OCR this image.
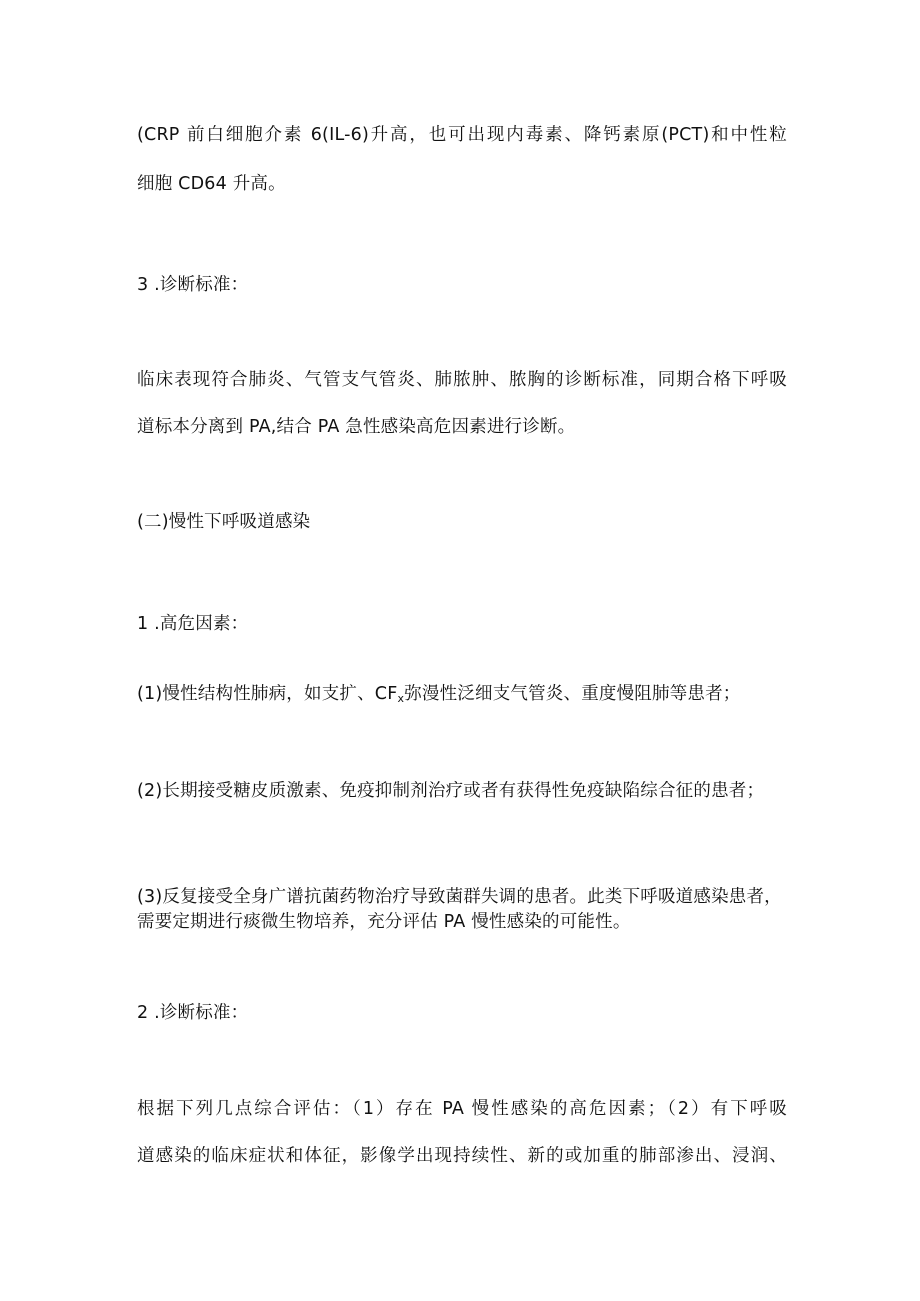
(CRP 前白细胞介素 6(IL-6)升高，也可出现内毒素、降钙素原(PCT)和中性粒
细胞 CD64 升高。
3 .诊断标准：
临床表现符合肺炎、气管支气管炎、肺脓肿、脓胸的诊断标准，同期合格下呼吸
道标本分离到 PA,结合 PA 急性感染高危因素进行诊断。
(二)慢性下呼吸道感染
1 .高危因素：
(1)慢性结构性肺病，如支扩、$CF_x$弥漫性泛细支气管炎、重度慢阻肺等患者；
(2)长期接受糖皮质激素、免疫抑制剂治疗或者有获得性免疫缺陷综合征的患者；
(3)反复接受全身广谱抗菌药物治疗导致菌群失调的患者。此类下呼吸道感染患者，
需要定期进行痰微生物培养，充分评估 PA 慢性感染的可能性。
2 .诊断标准：
根据下列几点综合评估：（1）存在 PA 慢性感染的高危因素；（2）有下呼吸
道感染的临床症状和体征，影像学出现持续性、新的或加重的肺部渗出、浸润、
